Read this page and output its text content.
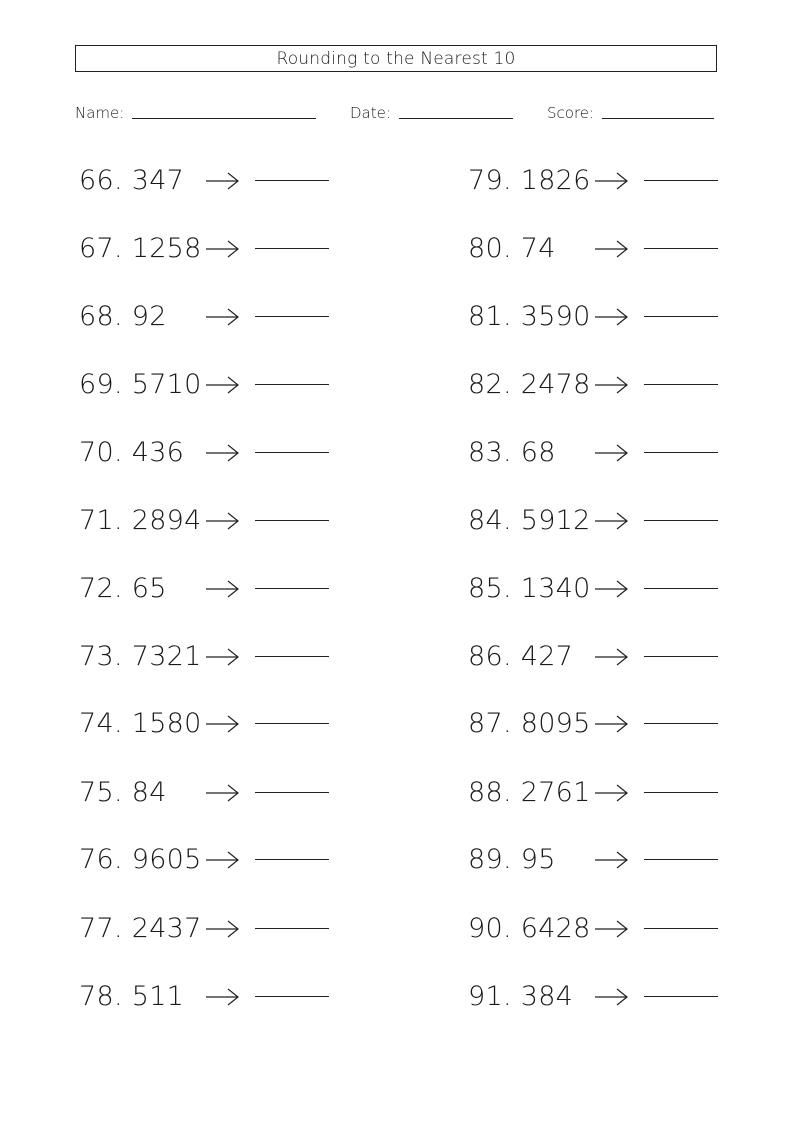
Rounding to the Nearest 10
Name:	Date:	Score:
66. 347
67. 1258
68. 92
69. 5710
70. 436
71. 2894
72. 65
73. 7321
74. 1580
75. 84
76. 9605
77. 2437
78. 511
79. 1826
80. 74
81. 3590
82. 2478
83. 68
84. 5912
85. 1340
86. 427
87. 8095
88. 2761
89. 95
90. 6428
91. 384
